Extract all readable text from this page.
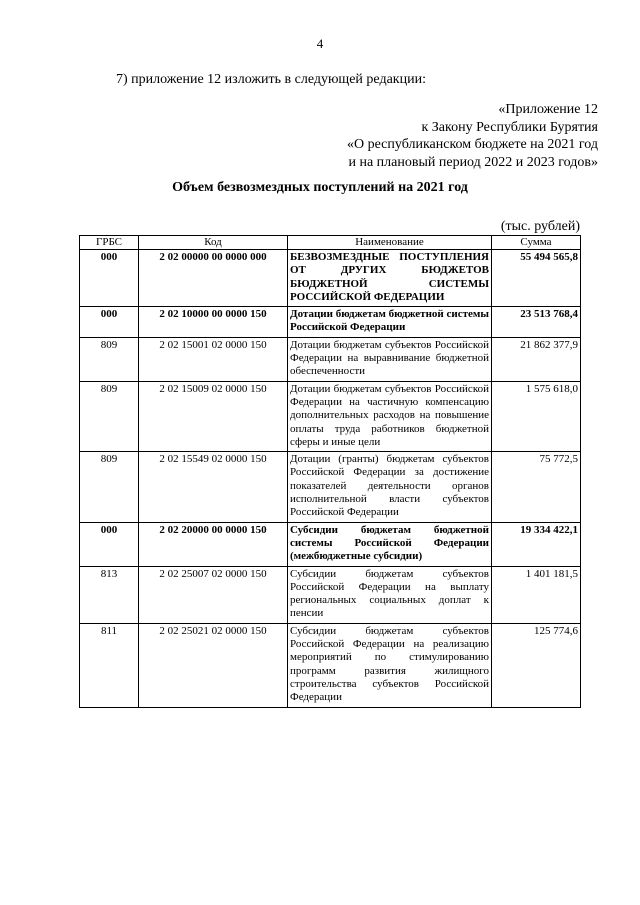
4
7) приложение 12 изложить в следующей редакции:
«Приложение 12
к Закону Республики Бурятия
«О республиканском бюджете на 2021 год
и на плановый период 2022 и 2023 годов»
Объем безвозмездных поступлений на 2021 год
(тыс. рублей)
ГРБС	Код	Наименование	Сумма
000	2 02 00000 00 0000 000	БЕЗВОЗМЕЗДНЫЕ ПОСТУПЛЕНИЯ ОТ ДРУГИХ БЮДЖЕТОВ БЮДЖЕТНОЙ СИСТЕМЫ РОССИЙСКОЙ ФЕДЕРАЦИИ	55 494 565,8
000	2 02 10000 00 0000 150	Дотации бюджетам бюджетной системы Российской Федерации	23 513 768,4
809	2 02 15001 02 0000 150	Дотации бюджетам субъектов Российской Федерации на выравнивание бюджетной обеспеченности	21 862 377,9
809	2 02 15009 02 0000 150	Дотации бюджетам субъектов Российской Федерации на частичную компенсацию дополнительных расходов на повышение оплаты труда работников бюджетной сферы и иные цели	1 575 618,0
809	2 02 15549 02 0000 150	Дотации (гранты) бюджетам субъектов Российской Федерации за достижение показателей деятельности органов исполнительной власти субъектов Российской Федерации	75 772,5
000	2 02 20000 00 0000 150	Субсидии бюджетам бюджетной системы Российской Федерации (межбюджетные субсидии)	19 334 422,1
813	2 02 25007 02 0000 150	Субсидии бюджетам субъектов Российской Федерации на выплату региональных социальных доплат к пенсии	1 401 181,5
811	2 02 25021 02 0000 150	Субсидии бюджетам субъектов Российской Федерации на реализацию мероприятий по стимулированию программ развития жилищного строительства субъектов Российской Федерации	125 774,6
